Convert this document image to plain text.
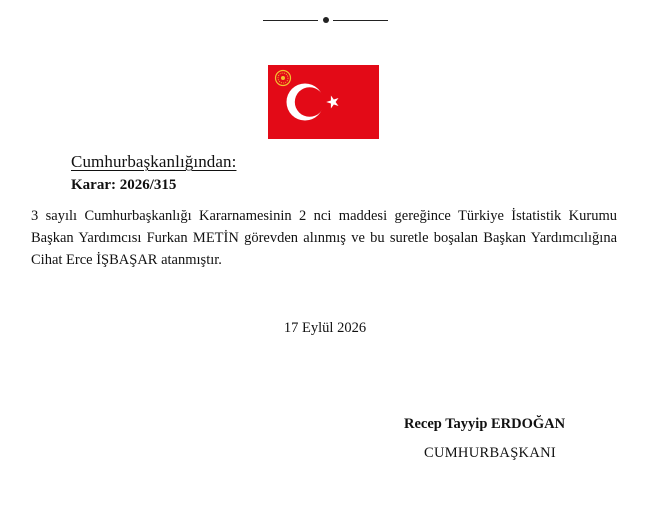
Cumhurbaşkanlığından:
Karar: 2026/315

3 sayılı Cumhurbaşkanlığı Kararnamesinin 2 nci maddesi gereğince Türkiye İstatistik Kurumu Başkan Yardımcısı Furkan METİN görevden alınmış ve bu suretle boşalan Başkan Yardımcılığına Cihat Erce İŞBAŞAR atanmıştır.

17 Eylül 2026
Recep Tayyip ERDOĞAN
CUMHURBAŞKANI
